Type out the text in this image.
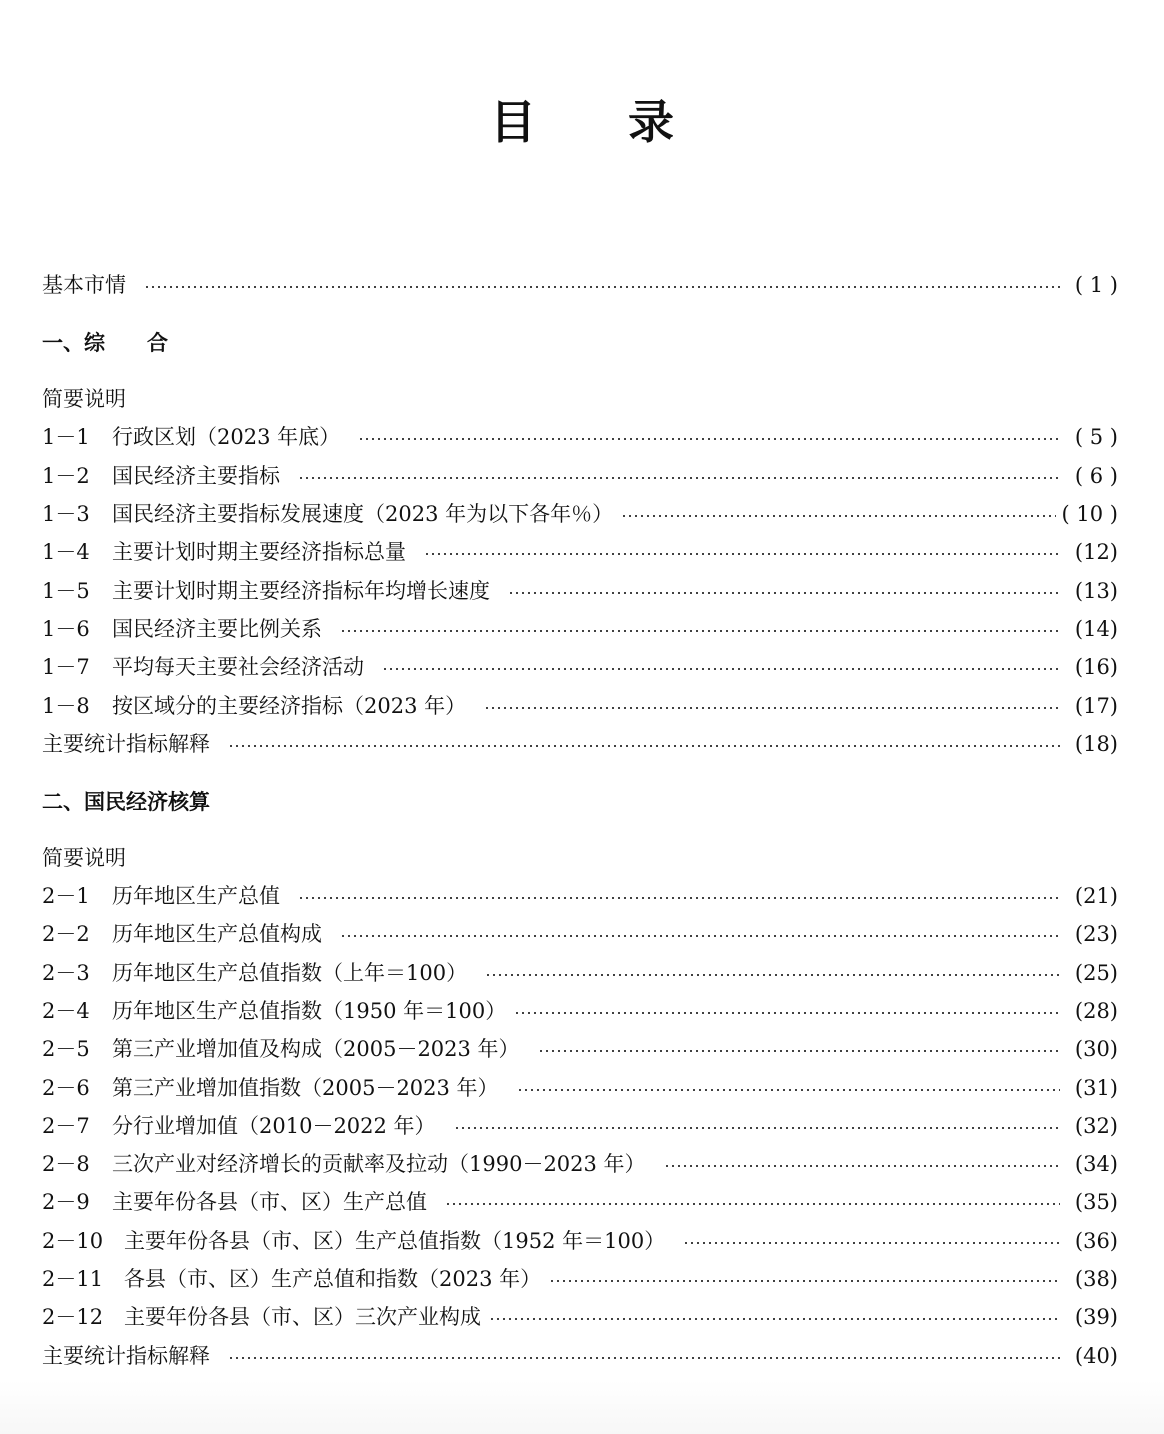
目录
基本市情	( 1 )
一、综　　合
简要说明
1－1	行政区划（2023 年底）	( 5 )
1－2	国民经济主要指标	( 6 )
1－3	国民经济主要指标发展速度（2023 年为以下各年％）	( 10 )
1－4	主要计划时期主要经济指标总量	(12)
1－5	主要计划时期主要经济指标年均增长速度	(13)
1－6	国民经济主要比例关系	(14)
1－7	平均每天主要社会经济活动	(16)
1－8	按区域分的主要经济指标（2023 年）	(17)
主要统计指标解释	(18)
二、国民经济核算
简要说明
2－1	历年地区生产总值	(21)
2－2	历年地区生产总值构成	(23)
2－3	历年地区生产总值指数（上年＝100）	(25)
2－4	历年地区生产总值指数（1950 年＝100）	(28)
2－5	第三产业增加值及构成（2005－2023 年）	(30)
2－6	第三产业增加值指数（2005－2023 年）	(31)
2－7	分行业增加值（2010－2022 年）	(32)
2－8	三次产业对经济增长的贡献率及拉动（1990－2023 年）	(34)
2－9	主要年份各县（市、区）生产总值	(35)
2－10 主要年份各县（市、区）生产总值指数（1952 年＝100）	(36)
2－11 各县（市、区）生产总值和指数（2023 年）	(38)
2－12 主要年份各县（市、区）三次产业构成	(39)
主要统计指标解释	(40)
